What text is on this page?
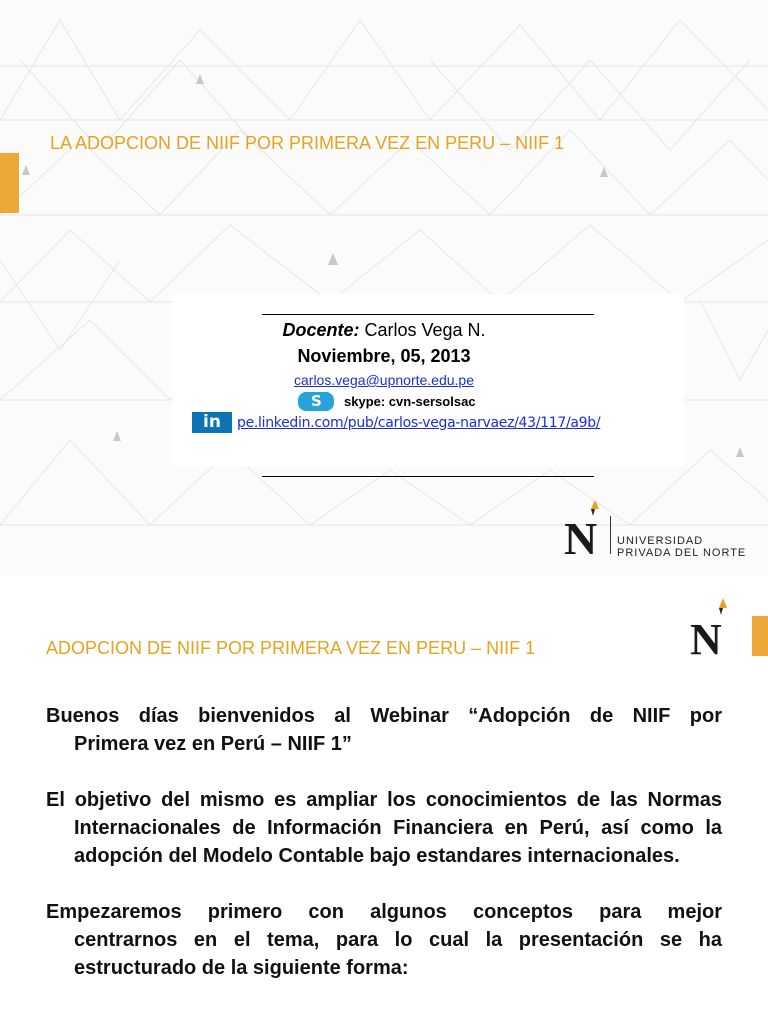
LA ADOPCION DE NIIF POR PRIMERA VEZ EN PERU – NIIF 1
Docente: Carlos Vega N.
Noviembre, 05, 2013
carlos.vega@upnorte.edu.pe
S skype: cvn-sersolsac
in	pe.linkedin.com/pub/carlos-vega-narvaez/43/117/a9b/
N UNIVERSIDAD
PRIVADA DEL NORTE
ADOPCION DE NIIF POR PRIMERA VEZ EN PERU – NIIF 1	N
Buenos días bienvenidos al Webinar “Adopción de NIIF por
Primera vez en Perú – NIIF 1”
El objetivo del mismo es ampliar los conocimientos de las Normas
Internacionales de Información Financiera en Perú, así como la
adopción del Modelo Contable bajo estandares internacionales.
Empezaremos primero con algunos conceptos para mejor
centrarnos en el tema, para lo cual la presentación se ha
estructurado de la siguiente forma:
